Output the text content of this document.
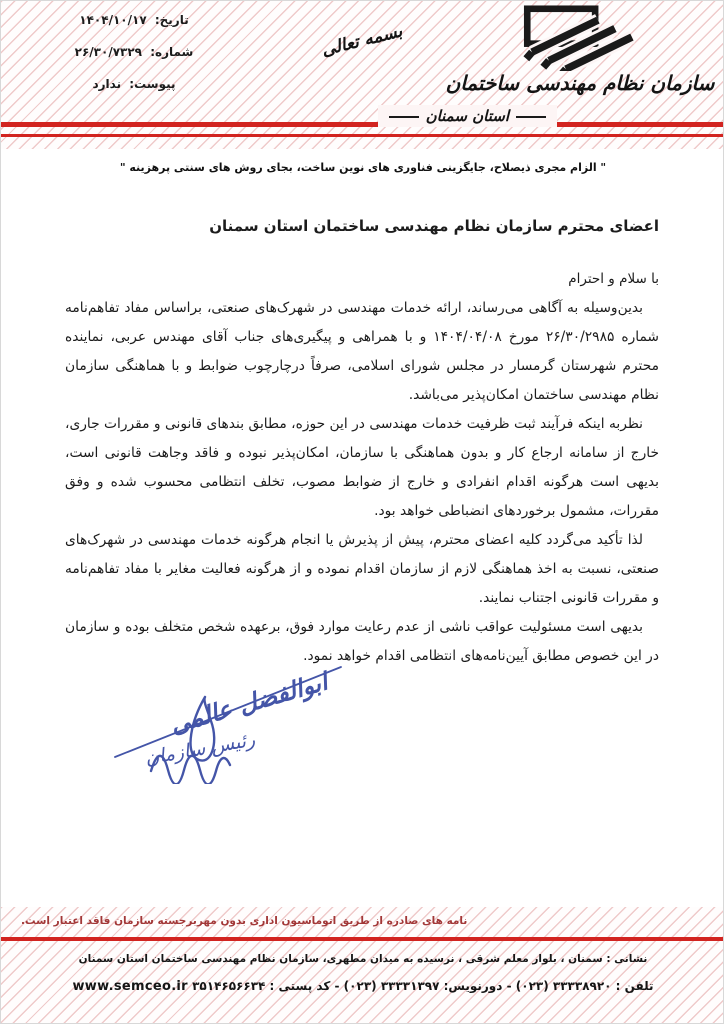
تاریخ: ۱۴۰۴/۱۰/۱۷
شماره: ۲۶/۳۰/۷۳۲۹
پیوست: ندارد
بسمه تعالی
سازمان نظام مهندسی ساختمان
استان سمنان
" الزام مجری ذیصلاح، جایگزینی فناوری های نوین ساخت، بجای روش های سنتی پرهزینه "

اعضای محترم سازمان نظام مهندسی ساختمان استان سمنان

با سلام و احترام

بدین‌وسیله به آگاهی می‌رساند، ارائه خدمات مهندسی در شهرک‌های صنعتی، براساس مفاد تفاهم‌نامه شماره ۲۶/۳۰/۲۹۸۵ مورخ ۱۴۰۴/۰۴/۰۸ و با همراهی و پیگیری‌های جناب آقای مهندس عربی، نماینده محترم شهرستان گرمسار در مجلس شورای اسلامی، صرفاً درچارچوب ضوابط و با هماهنگی سازمان نظام مهندسی ساختمان امکان‌پذیر می‌باشد.

نظربه اینکه فرآیند ثبت ظرفیت خدمات مهندسی در این حوزه، مطابق بندهای قانونی و مقررات جاری، خارج از سامانه ارجاع کار و بدون هماهنگی با سازمان، امکان‌پذیر نبوده و فاقد وجاهت قانونی است، بدیهی است هرگونه اقدام انفرادی و خارج از ضوابط مصوب، تخلف انتظامی محسوب شده و وفق مقررات، مشمول برخوردهای انضباطی خواهد بود.

لذا تأکید می‌گردد کلیه اعضای محترم، پیش از پذیرش یا انجام هرگونه خدمات مهندسی در شهرک‌های صنعتی، نسبت به اخذ هماهنگی لازم از سازمان اقدام نموده و از هرگونه فعالیت مغایر با مفاد تفاهم‌نامه و مقررات قانونی اجتناب نمایند.

بدیهی است مسئولیت عواقب ناشی از عدم رعایت موارد فوق، برعهده شخص متخلف بوده و سازمان در این خصوص مطابق آیین‌نامه‌های انتظامی اقدام خواهد نمود.

ابوالفضل عالمی
رئیس سازمان
نامه های صادره از طریق اتوماسیون اداری بدون مهربرجسته سازمان فاقد اعتبار است.
نشانی : سمنان ، بلوار معلم شرقی ، نرسیده به میدان مطهری، سازمان نظام مهندسی ساختمان استان سمنان
تلفن : ۳۳۳۳۸۹۲۰ (۰۲۳) - دورنویس: ۳۳۳۳۱۳۹۷ (۰۲۳) - کد پستی : ۳۵۱۴۶۵۶۶۳۴ www.semceo.ir
